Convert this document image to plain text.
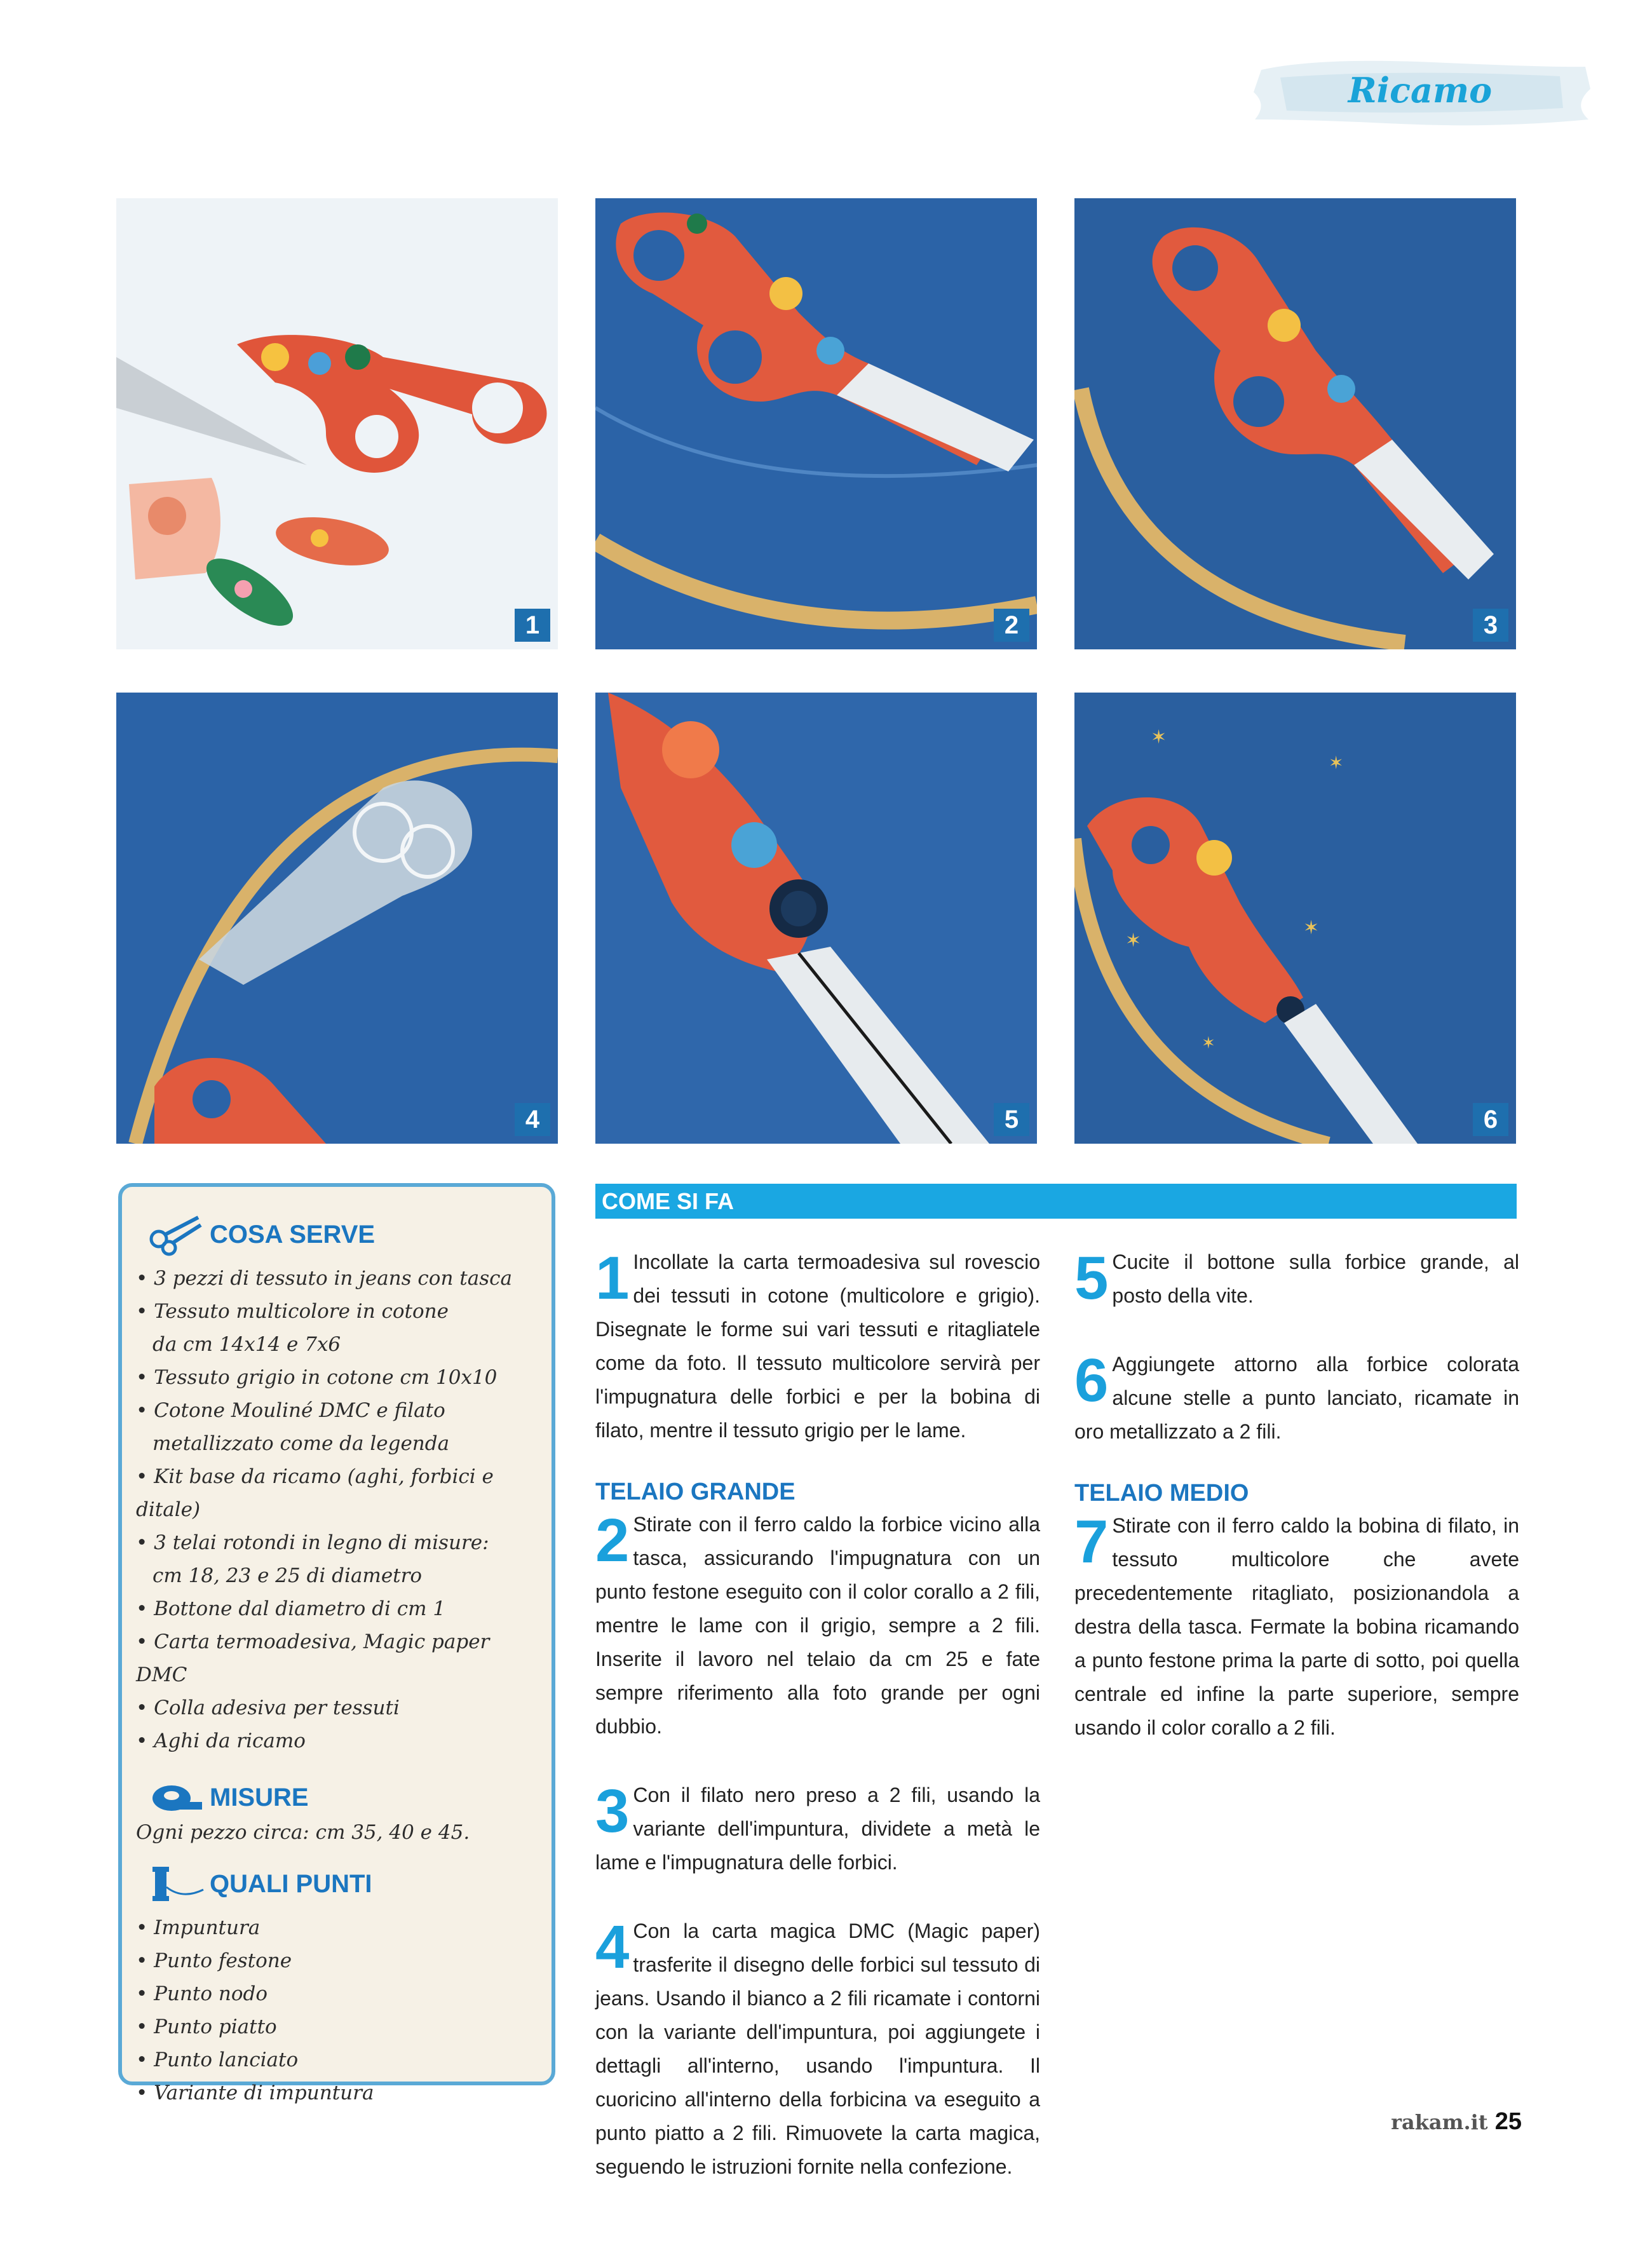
Ricamo
1	2	3
4	5
✶
✶
✶
✶
✶
6
COSA SERVE
• 3 pezzi di tessuto in jeans con tasca
• Tessuto multicolore in cotone
da cm 14x14 e 7x6
• Tessuto grigio in cotone cm 10x10
• Cotone Mouliné DMC e filato
metallizzato come da legenda
• Kit base da ricamo (aghi, forbici e ditale)
• 3 telai rotondi in legno di misure:
cm 18, 23 e 25 di diametro
• Bottone dal diametro di cm 1
• Carta termoadesiva, Magic paper DMC
• Colla adesiva per tessuti
• Aghi da ricamo
MISURE
Ogni pezzo circa: cm 35, 40 e 45.
QUALI PUNTI
• Impuntura
• Punto festone
• Punto nodo
• Punto piatto
• Punto lanciato
• Variante di impuntura
COME SI FA
1 Incollate la carta termoadesiva sul rovescio dei tessuti in cotone (multicolore e grigio). Disegnate le forme sui vari tessuti e ritagliatele come da foto. Il tessuto multicolore servirà per l'impugnatura delle forbici e per la bobina di filato, mentre il tessuto grigio per le lame.
TELAIO GRANDE
2 Stirate con il ferro caldo la forbice vicino alla tasca, assicurando l'impugnatura con un punto festone eseguito con il color corallo a 2 fili, mentre le lame con il grigio, sempre a 2 fili. Inserite il lavoro nel telaio da cm 25 e fate sempre riferimento alla foto grande per ogni dubbio.
3 Con il filato nero preso a 2 fili, usando la variante dell'impuntura, dividete a metà le lame e l'impugnatura delle forbici.
4 Con la carta magica DMC (Magic paper) trasferite il disegno delle forbici sul tessuto di jeans. Usando il bianco a 2 fili ricamate i contorni con la variante dell'impuntura, poi aggiungete i dettagli all'interno, usando l'impuntura. Il cuoricino all'interno della forbicina va eseguito a punto piatto a 2 fili. Rimuovete la carta magica, seguendo le istruzioni fornite nella confezione.
5 Cucite il bottone sulla forbice grande, al posto della vite.
6 Aggiungete attorno alla forbice colorata alcune stelle a punto lanciato, ricamate in oro metallizzato a 2 fili.
TELAIO MEDIO
7 Stirate con il ferro caldo la bobina di filato, in tessuto multicolore che avete precedentemente ritagliato, posizionandola a destra della tasca. Fermate la bobina ricamando a punto festone prima la parte di sotto, poi quella centrale ed infine la parte superiore, sempre usando il color corallo a 2 fili.
rakam.it 25
